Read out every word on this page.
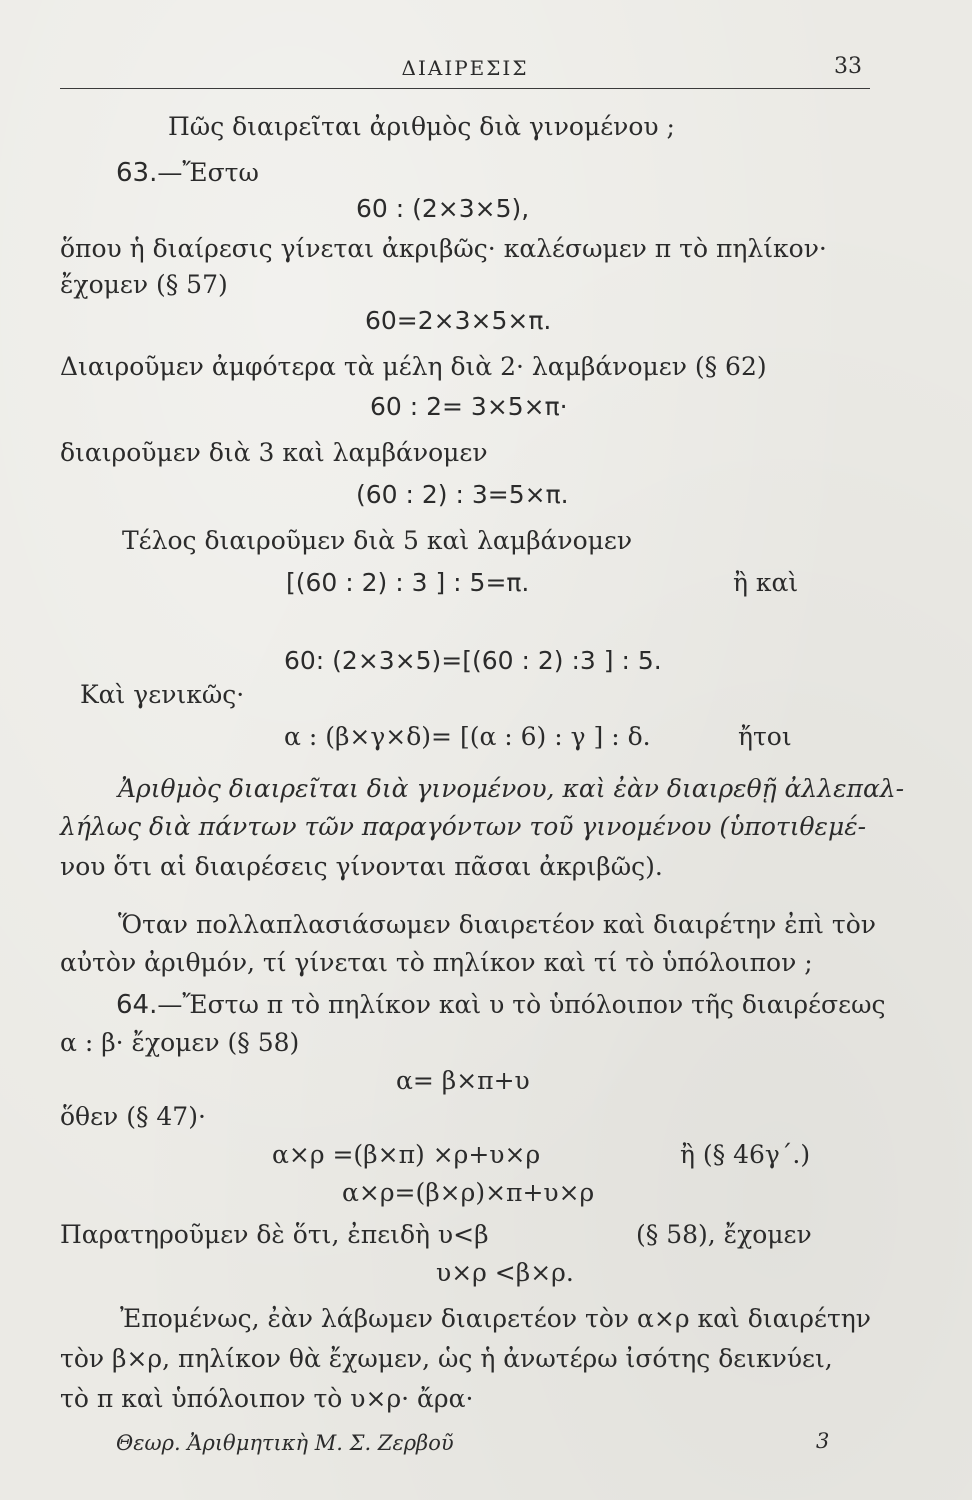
ΔΙΑΙΡΕΣΙΣ	33
Πῶς διαιρεῖται ἀριθμὸς διὰ γινομένου ;
63.—Ἔστω
60 : (2×3×5),
ὅπου ἡ διαίρεσις γίνεται ἀκριβῶς· καλέσωμεν π τὸ πηλίκον·
ἔχομεν (§ 57)
60=2×3×5×π.
Διαιροῦμεν ἀμφότερα τὰ μέλη διὰ 2· λαμβάνομεν (§ 62)
60 : 2= 3×5×π·
διαιροῦμεν διὰ 3 καὶ λαμβάνομεν
(60 : 2) : 3=5×π.
Τέλος διαιροῦμεν διὰ 5 καὶ λαμβάνομεν
[(60 : 2) : 3 ] : 5=π.	ἢ καὶ
60: (2×3×5)=[(60 : 2) :3 ] : 5.
Καὶ γενικῶς·
α : (β×γ×δ)= [(α : 6) : γ ] : δ.	ἤτοι
Ἀριθμὸς διαιρεῖται διὰ γινομένου, καὶ ἐὰν διαιρεθῇ ἀλλεπαλ-
λήλως διὰ πάντων τῶν παραγόντων τοῦ γινομένου (ὑποτιθεμέ-
νου ὅτι αἱ διαιρέσεις γίνονται πᾶσαι ἀκριβῶς).
Ὅταν πολλαπλασιάσωμεν διαιρετέον καὶ διαιρέτην ἐπὶ τὸν
αὐτὸν ἀριθμόν, τί γίνεται τὸ πηλίκον καὶ τί τὸ ὑπόλοιπον ;
64.—Ἔστω π τὸ πηλίκον καὶ υ τὸ ὑπόλοιπον τῆς διαιρέσεως
α : β· ἔχομεν (§ 58)
α= β×π+υ
ὅθεν (§ 47)·
α×ρ =(β×π) ×ρ+υ×ρ	ἢ (§ 46γ΄.)
α×ρ=(β×ρ)×π+υ×ρ
Παρατηροῦμεν δὲ ὅτι, ἐπειδὴ υ<β	(§ 58), ἔχομεν
υ×ρ <β×ρ.
Ἐπομένως, ἐὰν λάβωμεν διαιρετέον τὸν α×ρ καὶ διαιρέτην
τὸν β×ρ, πηλίκον θὰ ἔχωμεν, ὡς ἡ ἀνωτέρω ἰσότης δεικνύει,
τὸ π καὶ ὑπόλοιπον τὸ υ×ρ· ἄρα·
Θεωρ. Ἀριθμητικὴ Μ. Σ. Ζερβοῦ	3
